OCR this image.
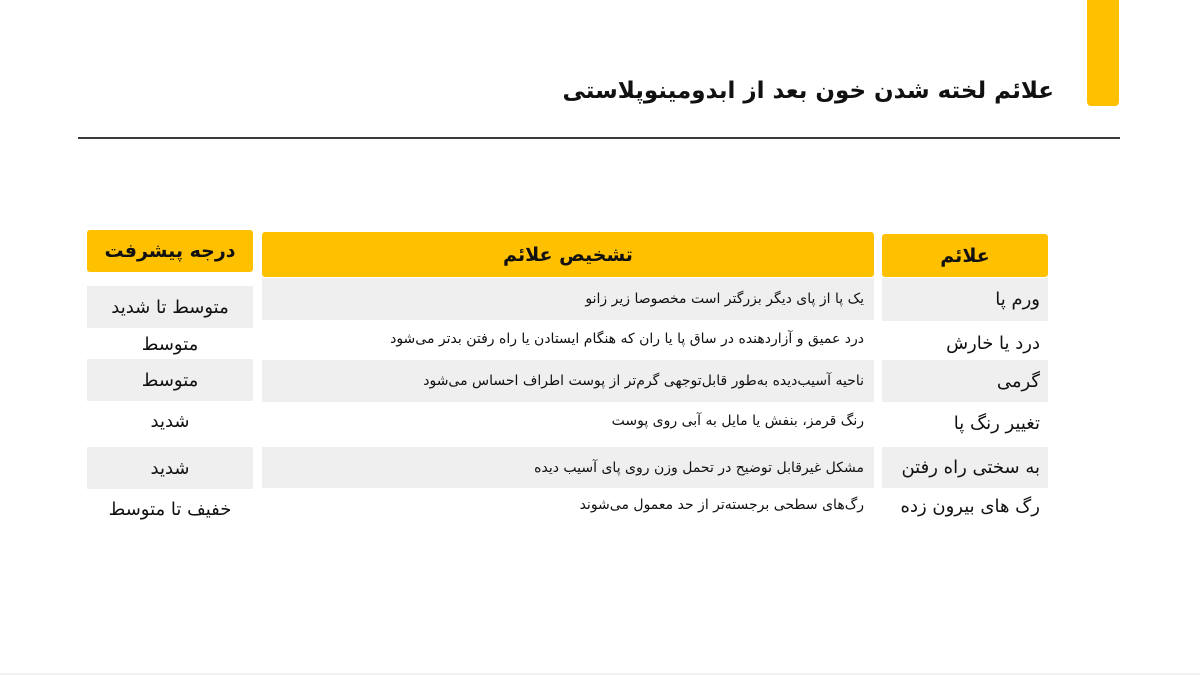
علائم لخته شدن خون بعد از ابدومینوپلاستی
علائم
ورم پا
درد یا خارش
گرمی
تغییر رنگ پا
به سختی راه رفتن
رگ های بیرون زده
تشخیص علائم
یک پا از پای دیگر بزرگتر است مخصوصا زیر زانو
درد عمیق و آزاردهنده در ساق پا یا ران که هنگام ایستادن یا راه رفتن بدتر می‌شود
ناحیه آسیب‌دیده به‌طور قابل‌توجهی گرم‌تر از پوست اطراف احساس می‌شود
رنگ قرمز، بنفش یا مایل به آبی روی پوست
مشکل غیرقابل توضیح در تحمل وزن روی پای آسیب دیده
رگ‌های سطحی برجسته‌تر از حد معمول می‌شوند
درجه پیشرفت
متوسط تا شدید
متوسط
متوسط
شدید
شدید
خفیف تا متوسط
